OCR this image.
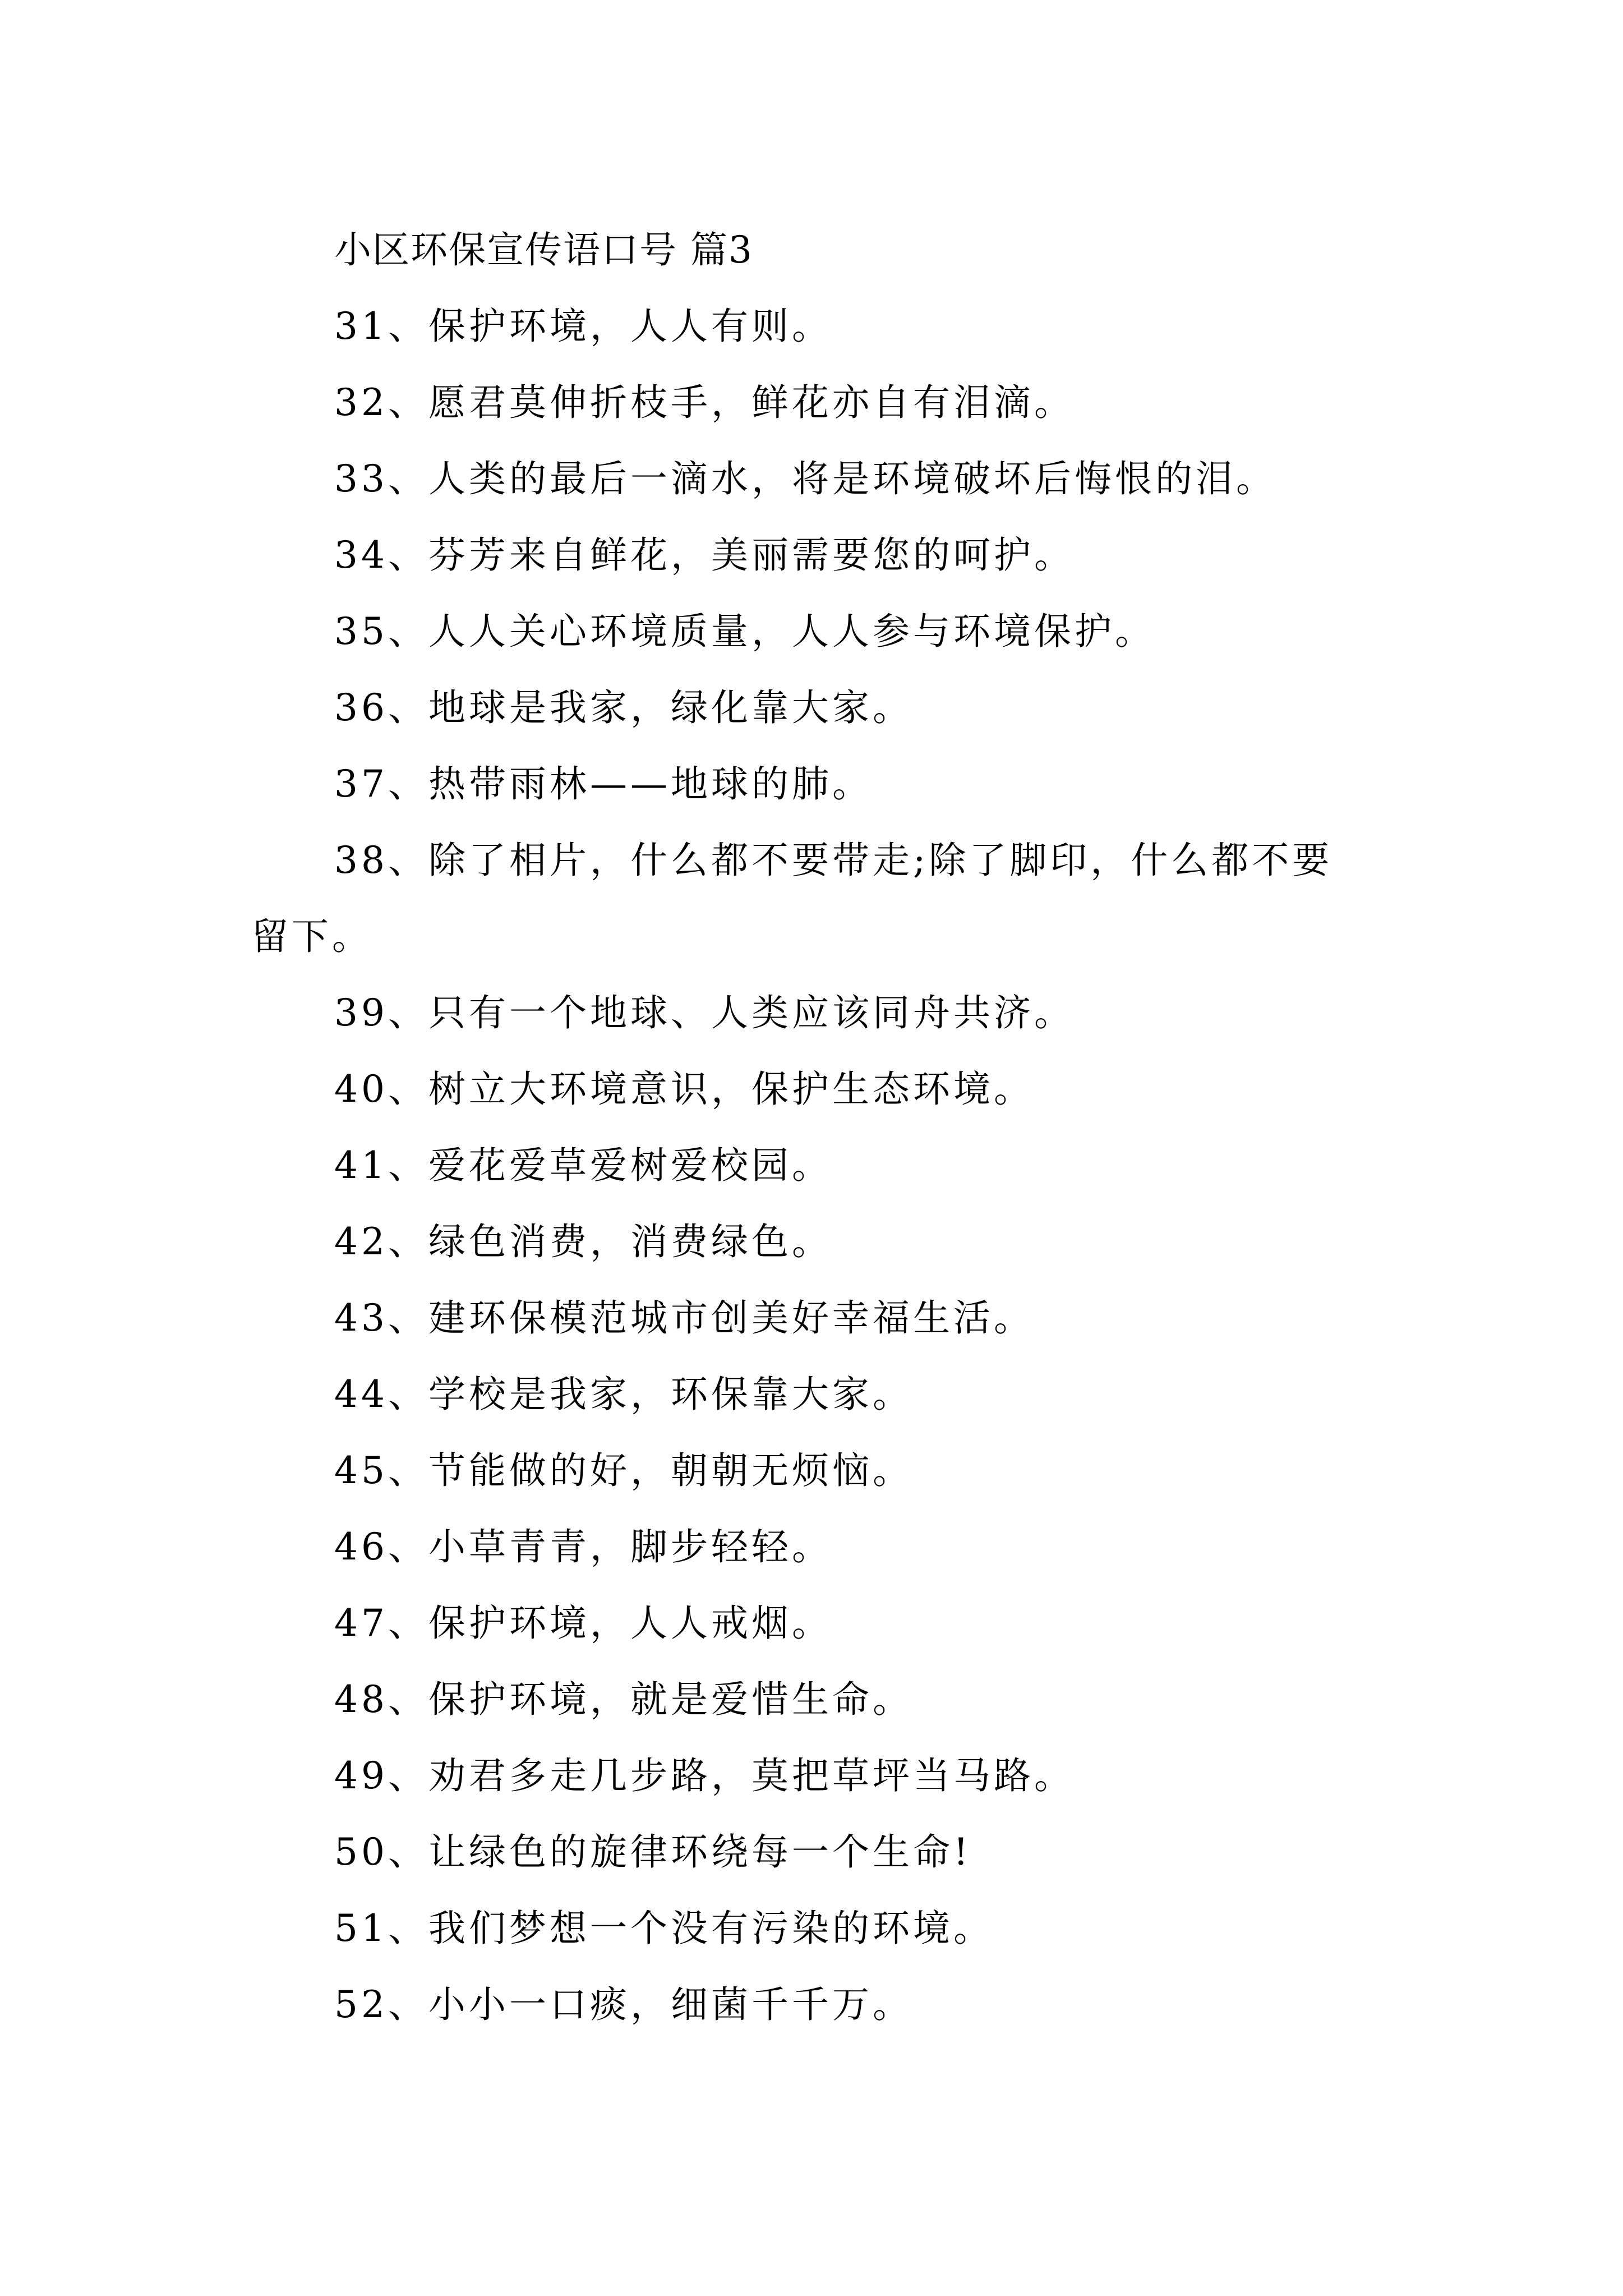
小区环保宣传语口号 篇3

31、保护环境，人人有则。

32、愿君莫伸折枝手，鲜花亦自有泪滴。

33、人类的最后一滴水，将是环境破坏后悔恨的泪。

34、芬芳来自鲜花，美丽需要您的呵护。

35、人人关心环境质量，人人参与环境保护。

36、地球是我家，绿化靠大家。

37、热带雨林——地球的肺。

38、除了相片，什么都不要带走;除了脚印，什么都不要留下。

39、只有一个地球、人类应该同舟共济。

40、树立大环境意识，保护生态环境。

41、爱花爱草爱树爱校园。

42、绿色消费，消费绿色。

43、建环保模范城市创美好幸福生活。

44、学校是我家，环保靠大家。

45、节能做的好，朝朝无烦恼。

46、小草青青，脚步轻轻。

47、保护环境，人人戒烟。

48、保护环境，就是爱惜生命。

49、劝君多走几步路，莫把草坪当马路。

50、让绿色的旋律环绕每一个生命!

51、我们梦想一个没有污染的环境。

52、小小一口痰，细菌千千万。
